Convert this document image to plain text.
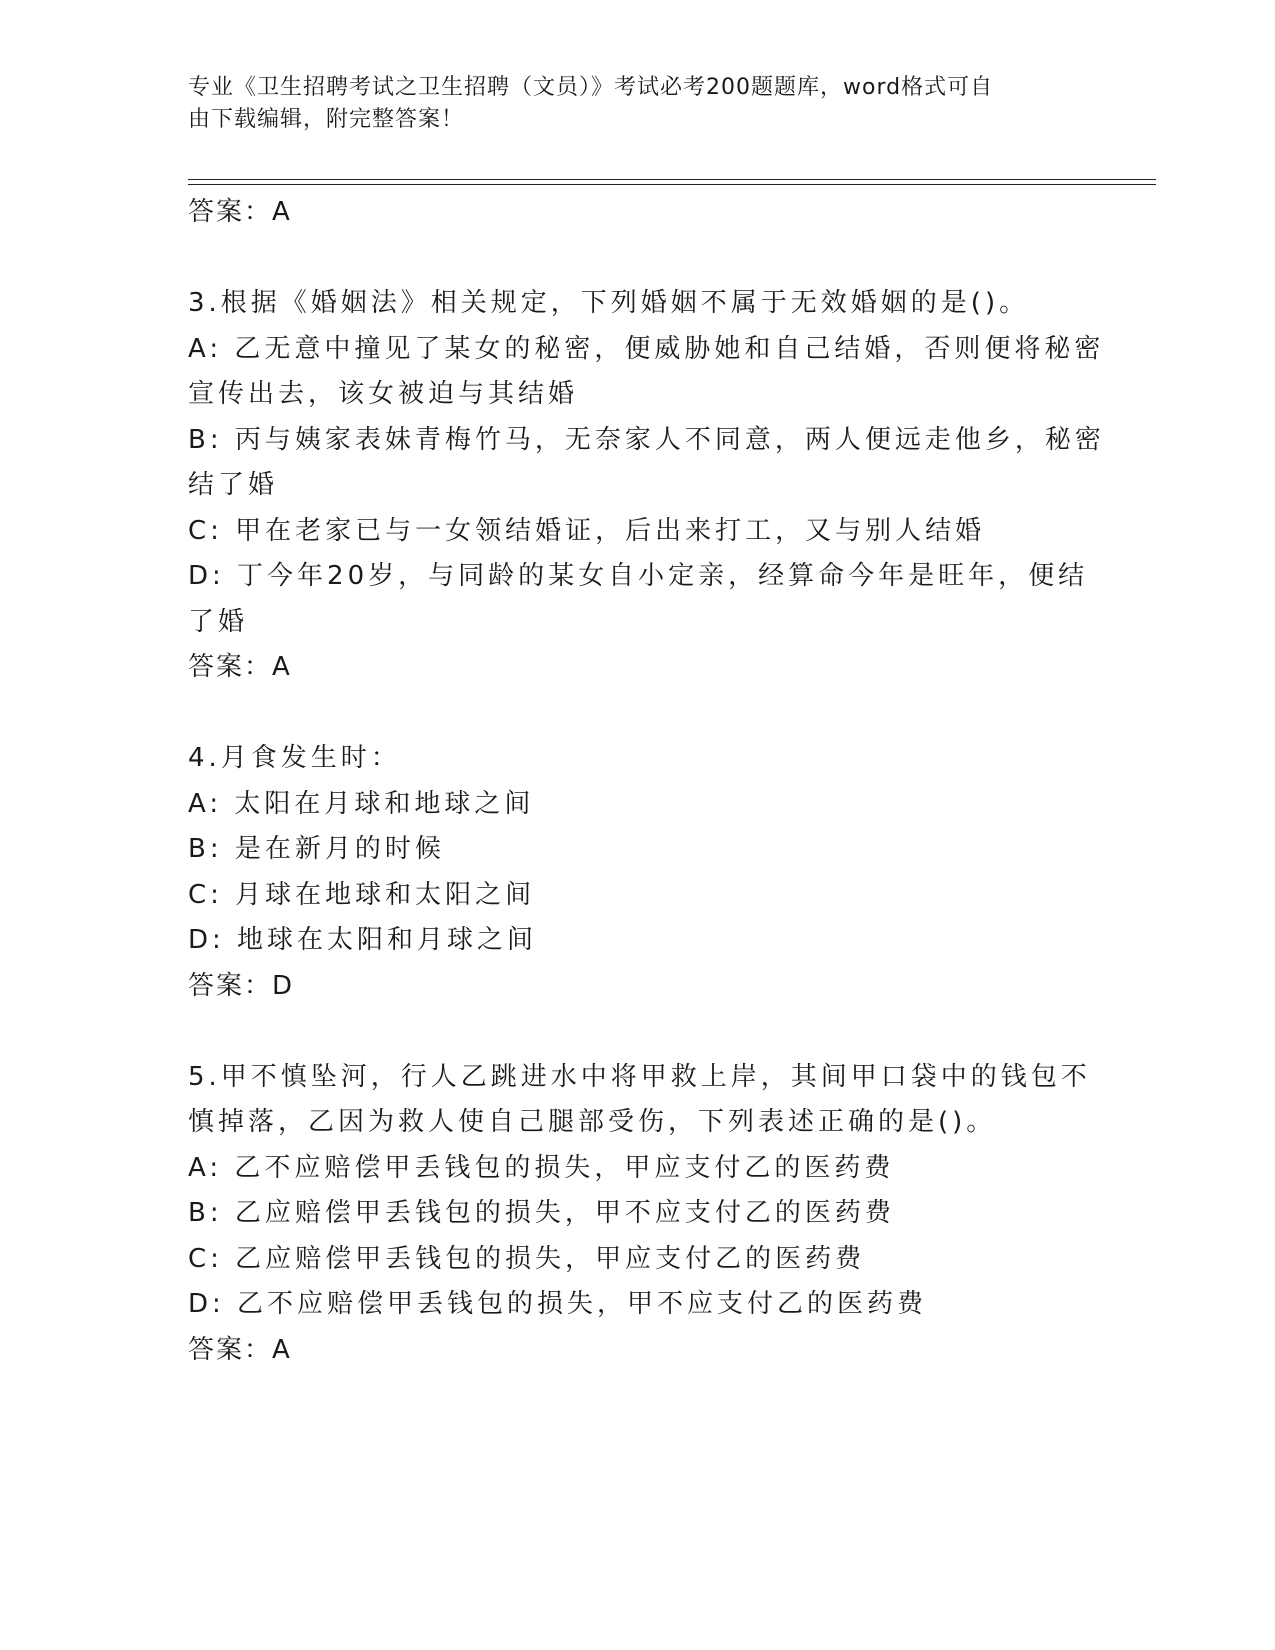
专业《卫生招聘考试之卫生招聘（文员）》考试必考200题题库，word格式可自
由下载编辑，附完整答案！

答案：A

3.根据《婚姻法》相关规定，下列婚姻不属于无效婚姻的是()。

A: 乙无意中撞见了某女的秘密，便威胁她和自己结婚，否则便将秘密

宣传出去，该女被迫与其结婚

B: 丙与姨家表妹青梅竹马，无奈家人不同意，两人便远走他乡，秘密

结了婚

C: 甲在老家已与一女领结婚证，后出来打工，又与别人结婚

D: 丁今年20岁，与同龄的某女自小定亲，经算命今年是旺年，便结

了婚

答案：A

4.月食发生时：

A: 太阳在月球和地球之间

B: 是在新月的时候

C: 月球在地球和太阳之间

D: 地球在太阳和月球之间

答案：D

5.甲不慎坠河，行人乙跳进水中将甲救上岸，其间甲口袋中的钱包不

慎掉落，乙因为救人使自己腿部受伤，下列表述正确的是()。

A: 乙不应赔偿甲丢钱包的损失，甲应支付乙的医药费

B: 乙应赔偿甲丢钱包的损失，甲不应支付乙的医药费

C: 乙应赔偿甲丢钱包的损失，甲应支付乙的医药费

D: 乙不应赔偿甲丢钱包的损失，甲不应支付乙的医药费

答案：A
